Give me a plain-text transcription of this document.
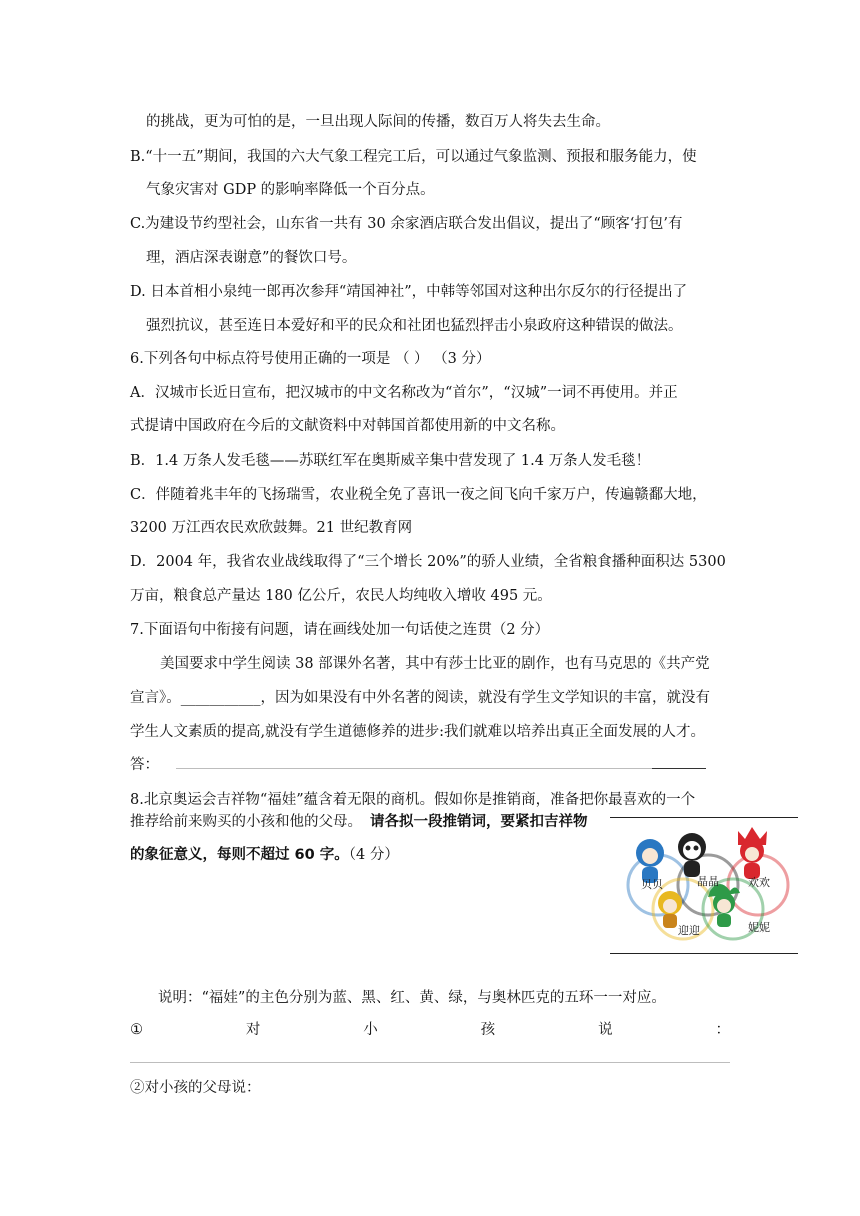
的挑战，更为可怕的是，一旦出现人际间的传播，数百万人将失去生命。
B.“十一五”期间，我国的六大气象工程完工后，可以通过气象监测、预报和服务能力，使
气象灾害对 GDP 的影响率降低一个百分点。
C.为建设节约型社会，山东省一共有 30 余家酒店联合发出倡议，提出了“顾客‘打包’有
理，酒店深表谢意”的餐饮口号。
D. 日本首相小泉纯一郎再次参拜“靖国神社”，中韩等邻国对这种出尔反尔的行径提出了
强烈抗议，甚至连日本爱好和平的民众和社团也猛烈抨击小泉政府这种错误的做法。
6.下列各句中标点符号使用正确的一项是 （ ） （3 分）
A．汉城市长近日宣布，把汉城市的中文名称改为“首尔”，“汉城”一词不再使用。并正
式提请中国政府在今后的文献资料中对韩国首都使用新的中文名称。
B．1.4 万条人发毛毯——苏联红军在奥斯威辛集中营发现了 1.4 万条人发毛毯！
C．伴随着兆丰年的飞扬瑞雪，农业税全免了喜讯一夜之间飞向千家万户，传遍赣鄱大地，
3200 万江西农民欢欣鼓舞。21 世纪教育网
D．2004 年，我省农业战线取得了“三个增长 20%”的骄人业绩，全省粮食播种面积达 5300
万亩，粮食总产量达 180 亿公斤，农民人均纯收入增收 495 元。
7.下面语句中衔接有问题，请在画线处加一句话使之连贯（2 分）
美国要求中学生阅读 38 部课外名著，其中有莎士比亚的剧作，也有马克思的《共产党
宣言》。___________，因为如果没有中外名著的阅读，就没有学生文学知识的丰富，就没有
学生人文素质的提高,就没有学生道德修养的进步:我们就难以培养出真正全面发展的人才。
答：
8.北京奥运会吉祥物“福娃”蕴含着无限的商机。假如你是推销商，准备把你最喜欢的一个
推荐给前来购买的小孩和他的父母。 请各拟一段推销词，要紧扣吉祥物
的象征意义，每则不超过 60 字。（4 分）
贝贝	晶晶	欢欢
迎迎	妮妮
说明：“福娃”的主色分别为蓝、黑、红、黄、绿，与奥林匹克的五环一一对应。
①	对	小	孩	说	：
②对小孩的父母说：
